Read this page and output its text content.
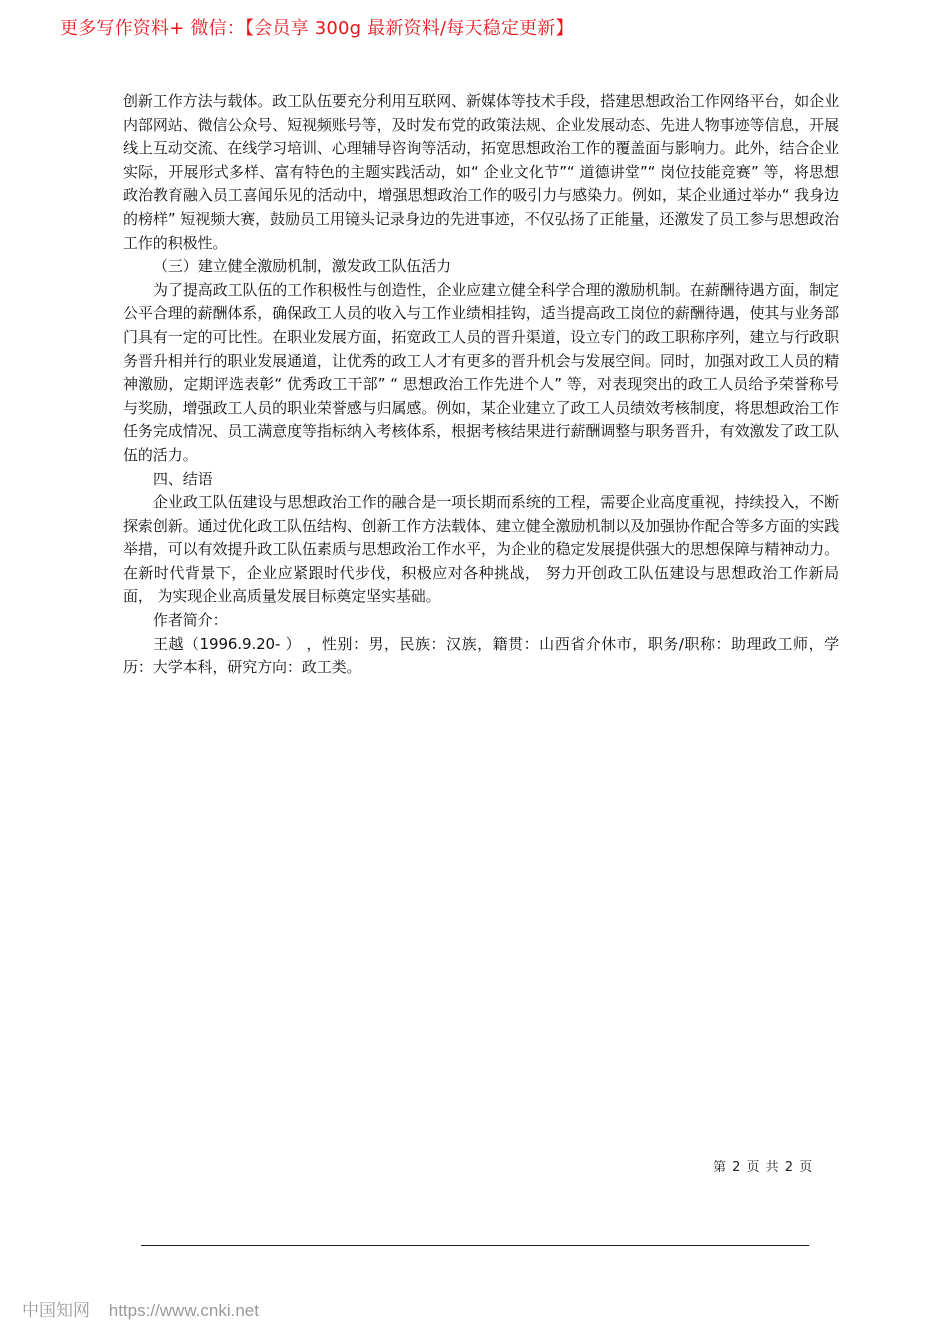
更多写作资料+ 微信：【会员享 300g 最新资料/每天稳定更新】

创新工作方法与载体。政工队伍要充分利用互联网、新媒体等技术手段，搭建思想政治工作网络平台，如企业内部网站、微信公众号、短视频账号等，及时发布党的政策法规、企业发展动态、先进人物事迹等信息，开展线上互动交流、在线学习培训、心理辅导咨询等活动，拓宽思想政治工作的覆盖面与影响力。此外，结合企业实际，开展形式多样、富有特色的主题实践活动，如“ 企业文化节”“ 道德讲堂”“ 岗位技能竞赛” 等，将思想政治教育融入员工喜闻乐见的活动中，增强思想政治工作的吸引力与感染力。例如，某企业通过举办“ 我身边的榜样” 短视频大赛，鼓励员工用镜头记录身边的先进事迹，不仅弘扬了正能量，还激发了员工参与思想政治工作的积极性。

（三）建立健全激励机制，激发政工队伍活力

为了提高政工队伍的工作积极性与创造性，企业应建立健全科学合理的激励机制。在薪酬待遇方面，制定公平合理的薪酬体系，确保政工人员的收入与工作业绩相挂钩，适当提高政工岗位的薪酬待遇，使其与业务部门具有一定的可比性。在职业发展方面，拓宽政工人员的晋升渠道，设立专门的政工职称序列，建立与行政职务晋升相并行的职业发展通道，让优秀的政工人才有更多的晋升机会与发展空间。同时，加强对政工人员的精神激励，定期评选表彰“ 优秀政工干部” “ 思想政治工作先进个人” 等，对表现突出的政工人员给予荣誉称号与奖励，增强政工人员的职业荣誉感与归属感。例如，某企业建立了政工人员绩效考核制度，将思想政治工作任务完成情况、员工满意度等指标纳入考核体系，根据考核结果进行薪酬调整与职务晋升，有效激发了政工队伍的活力。

四、结语

企业政工队伍建设与思想政治工作的融合是一项长期而系统的工程，需要企业高度重视，持续投入，不断探索创新。通过优化政工队伍结构、创新工作方法载体、建立健全激励机制以及加强协作配合等多方面的实践举措，可以有效提升政工队伍素质与思想政治工作水平，为企业的稳定发展提供强大的思想保障与精神动力。在新时代背景下，企业应紧跟时代步伐，积极应对各种挑战， 努力开创政工队伍建设与思想政治工作新局面， 为实现企业高质量发展目标奠定坚实基础。

作者简介：

王越（1996.9.20- ） ，性别：男，民族：汉族，籍贯：山西省介休市，职务/职称：助理政工师，学历：大学本科，研究方向：政工类。

第 2 页 共 2 页
中国知网 https://www.cnki.net
